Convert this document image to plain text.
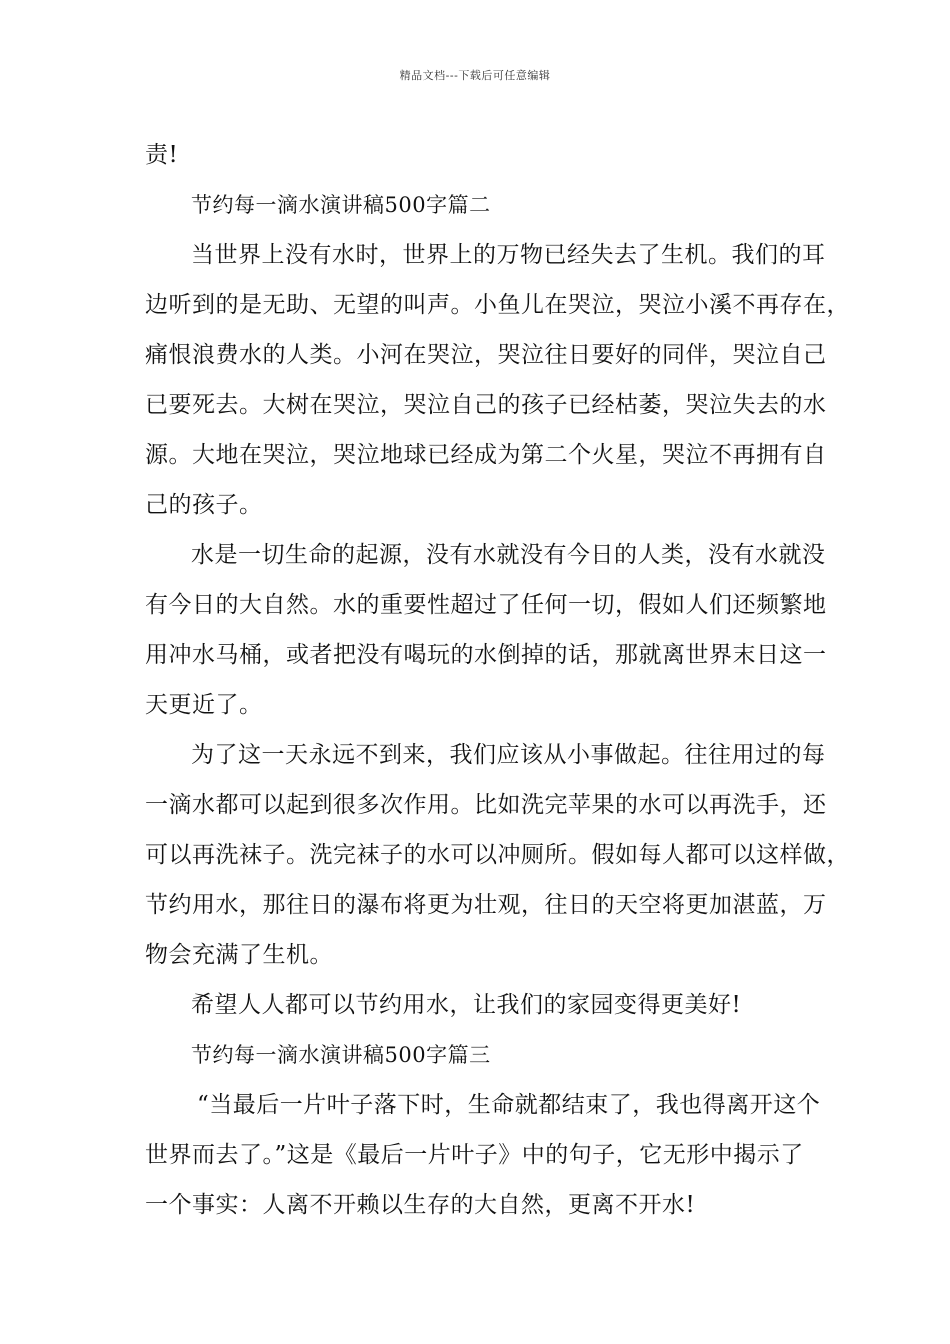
精品文档---下载后可任意编辑
责!
节约每一滴水演讲稿500字篇二
当世界上没有水时，世界上的万物已经失去了生机。我们的耳
边听到的是无助、无望的叫声。小鱼儿在哭泣，哭泣小溪不再存在，
痛恨浪费水的人类。小河在哭泣，哭泣往日要好的同伴，哭泣自己
已要死去。大树在哭泣，哭泣自己的孩子已经枯萎，哭泣失去的水
源。大地在哭泣，哭泣地球已经成为第二个火星，哭泣不再拥有自
己的孩子。
水是一切生命的起源，没有水就没有今日的人类，没有水就没
有今日的大自然。水的重要性超过了任何一切，假如人们还频繁地
用冲水马桶，或者把没有喝玩的水倒掉的话，那就离世界末日这一
天更近了。
为了这一天永远不到来，我们应该从小事做起。往往用过的每
一滴水都可以起到很多次作用。比如洗完苹果的水可以再洗手，还
可以再洗袜子。洗完袜子的水可以冲厕所。假如每人都可以这样做，
节约用水，那往日的瀑布将更为壮观，往日的天空将更加湛蓝，万
物会充满了生机。
希望人人都可以节约用水，让我们的家园变得更美好!
节约每一滴水演讲稿500字篇三
“当最后一片叶子落下时，生命就都结束了，我也得离开这个
世界而去了。”这是《最后一片叶子》中的句子，它无形中揭示了
一个事实：人离不开赖以生存的大自然，更离不开水!
